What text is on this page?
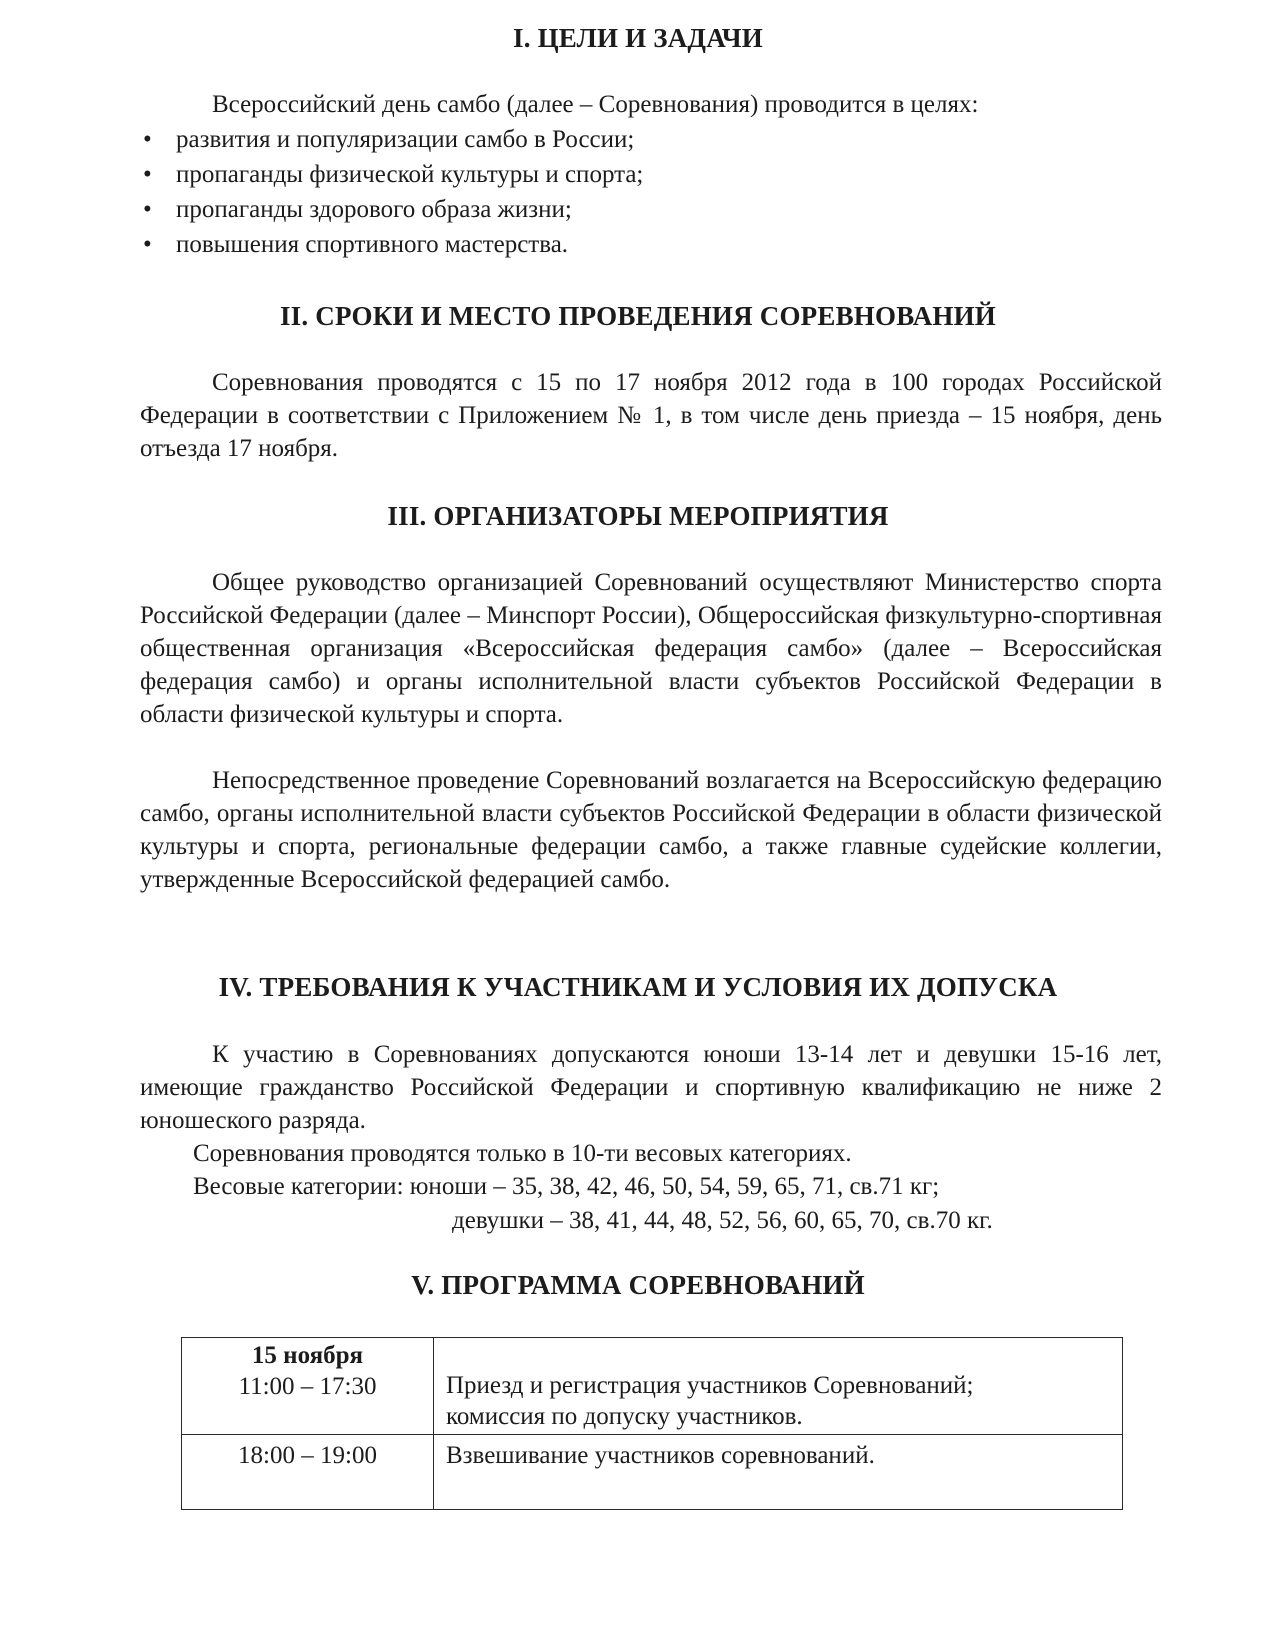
I. ЦЕЛИ И ЗАДАЧИ

Всероссийский день самбо (далее – Соревнования) проводится в целях:

• развития и популяризации самбо в России;
• пропаганды физической культуры и спорта;
• пропаганды здорового образа жизни;
• повышения спортивного мастерства.
II. СРОКИ И МЕСТО ПРОВЕДЕНИЯ СОРЕВНОВАНИЙ

Соревнования проводятся с 15 по 17 ноября 2012 года в 100 городах Российской Федерации в соответствии с Приложением № 1, в том числе день приезда – 15 ноября, день отъезда 17 ноября.

III. ОРГАНИЗАТОРЫ МЕРОПРИЯТИЯ

Общее руководство организацией Соревнований осуществляют Министерство спорта Российской Федерации (далее – Минспорт России), Общероссийская физкультурно-спортивная общественная организация «Всероссийская федерация самбо» (далее – Всероссийская федерация самбо) и органы исполнительной власти субъектов Российской Федерации в области физической культуры и спорта.

Непосредственное проведение Соревнований возлагается на Всероссийскую федерацию самбо, органы исполнительной власти субъектов Российской Федерации в области физической культуры и спорта, региональные федерации самбо, а также главные судейские коллегии, утвержденные Всероссийской федерацией самбо.

IV. ТРЕБОВАНИЯ К УЧАСТНИКАМ И УСЛОВИЯ ИХ ДОПУСКА

К участию в Соревнованиях допускаются юноши 13-14 лет и девушки 15-16 лет, имеющие гражданство Российской Федерации и спортивную квалификацию не ниже 2 юношеского разряда.

Соревнования проводятся только в 10-ти весовых категориях.

Весовые категории: юноши – 35, 38, 42, 46, 50, 54, 59, 65, 71, св.71 кг;

девушки – 38, 41, 44, 48, 52, 56, 60, 65, 70, св.70 кг.

V. ПРОГРАММА СОРЕВНОВАНИЙ
15 ноября
11:00 – 17:30	Приезд и регистрация участников Соревнований;
комиссия по допуску участников.

18:00 – 19:00	Взвешивание участников соревнований.
